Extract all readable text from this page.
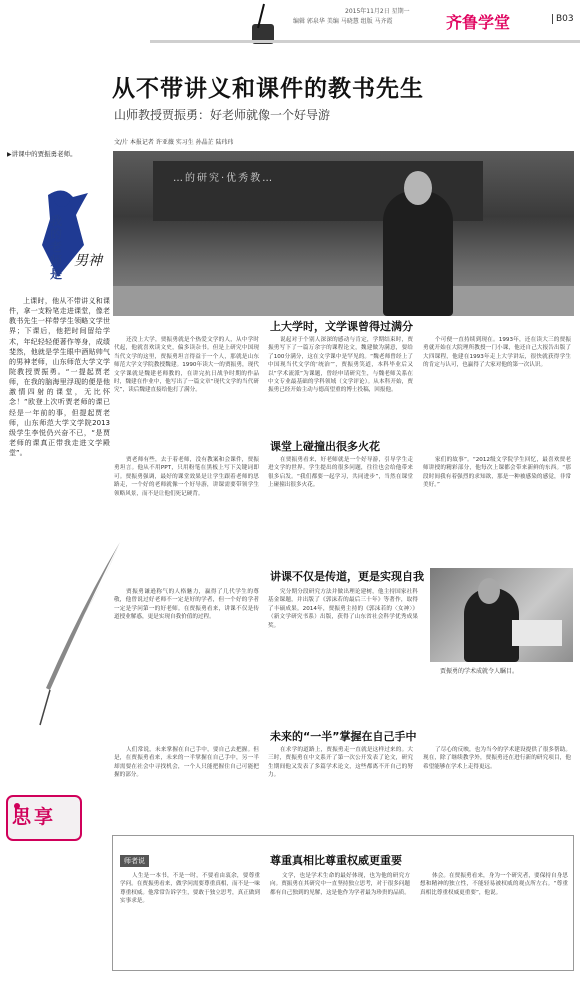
2015年11月2日 星期一
编辑 郭泉华 美编 马晓慧 组版 马齐霞	齐鲁学堂	B03
从不带讲义和课件的教书先生
山师教授贾振勇：好老师就像一个好导游
文/片 本报记者 许亚薇 实习生 孙晶芷 陆玮玮
…的研究·优秀教…
▶讲课中的贾振勇老师。
我的老师是
男神

上课时，他从不带讲义和课件，拿一支粉笔走进课堂，像老教书先生一样带学生领略文学世界；下课后，他把时间留给学术，年纪轻轻便著作等身，成绩斐然，他就是学生眼中酒贴帅气的男神老师，山东师范大学文学院教授贾振勇。“一提起贾老师，在我的脑海里浮现的便是他激情四射的课堂，无比怀念！”欧登上次听贾老师的课已经是一年前的事，但提起贾老师，山东师范大学文学院2013级学生李悦仍兴奋不已，“是贾老师的课真正带我走进文学殿堂”。

思享
上大学时，文学课曾得过满分

还没上大学，贾振勇就是个热爱文学的人，从中学时代起，他就喜欢读文史，偏多读杂书。但是上研究中国现当代文学的这里，贾振勇坦言得益于一个人，那就是山东师范大学文学院教授魏建。1990年读大一的贾振勇，现代文学课就是魏建老师教的，在讲完抗日战争时期的作品时，魏建在作业中，他写出了一篇文章“现代文学的当代研究”，读后魏建直接给他打了满分。

说起对于个别人深深的感动与肯定，学期结束时，贾振勇写下了一篇万余字的课程论文，魏建做为满意，要给了100分满分，这在文学课中是罕见的。“魏老师曾经上了中国现当代文学的‘统治’”，贾振勇笑道，本科毕业后又以“学术流派”为课题，曾经申请研究生，与魏老师关系在中文专业最基础的学科领域（文学评论）。从本科开始，贾振勇已经开始主动与德高望重的博士投稿，回报他。

个可便一直持续到现在。1993年，还在读大三的贾振勇就开始在大院理所教授一门小课，他还自己大报告出版了大四课程，他建在1993年走上大学讲坛，很快就获得学生的肯定与认可，也赢得了大家对他的第一次认识。

课堂上碰撞出很多火花

贾老师有些，去于着老师，没有教案和会课件，贾振勇坦言。他从不用PPT，只用粉笔在黑板上写下关键词即可。贾振勇强调，最好的课堂效果是让学生跟着老师的思路走，一个好的老师就像一个好导游，讲课需要带领学生领略风景，而不是让他们死记硬背。

在贾振勇看来，好老师就是一个好导游，引导学生走进文学的世界。学生提出的很多问题，往往也会给他带来很多启发。“我们都要一起学习，共同进步”，当然在课堂上碰撞出很多火花。

家们的故事”。“2012级文学院学生回忆，最喜欢贾老师讲授的精彩部分，他每次上课都会带来新鲜的东西。“那段时间我有着强烈的求知欲，那是一种被感染的感觉，非常美好。”

讲课不仅是传道，更是实现自我

贾振勇谦逊称气的人格魅力，赢得了几代学生的尊敬，他曾说过好老师不一定是好的学者，但一个好的学者一定是学问第一的好老师。在贾振勇看来，讲课不仅是传道授业解惑，更是实现自我价值的过程。

究分期分段研究方法并做出理论建树，他主持国家社科基金课题，并出版了《郭沫若的最后三十年》等著作，取得了丰硕成果。2014年，贾振勇主持的《郭沫若的〈女神〉》（新文学研究书系）出版，获得了山东省社会科学优秀成果奖。

贾振勇的学术成就令人瞩目。
未来的“一半”掌握在自己手中

人们常说，未来掌握在自己手中，要自己去把握。但是，在贾振勇看来，未来的一半掌握在自己手中，另一半却需要在社会中寻找机会，一个人只能把握住自己可能把握的部分。

在求学的道路上，贾振勇走一直就是这样过来的。大三时，贾振勇在中文系开了第一次公开发表了论文，研究生期间他又发表了多篇学术论文，这些都离不开自己的努力。

了尽心的反映，也为当今的学术建设提供了很多帮助。现在，除了继续教学外，贾振勇还在进行新的研究项目，他希望能够在学术上走得更远。

师者说	尊重真相比尊重权威更重要

人生是一本书，不是一时，不要看由衷余，要尊重学问。在贾振勇看来，做学问需要尊重真相，而不是一味尊重权威。他常常告诉学生，要敢于独立思考，真正做到实事求是。

文学，也是学术生命的最好体现，也为他的研究方向。贾振勇在其研究中一直坚持独立思考，对于很多问题都有自己独到的见解，这是他作为学者最为珍贵的品质。

体会。在贾振勇看来，身为一个研究者，要保持自身思想和精神的独立性，不能轻易被权威的观点所左右。“尊重真相比尊重权威更重要”，他说。
